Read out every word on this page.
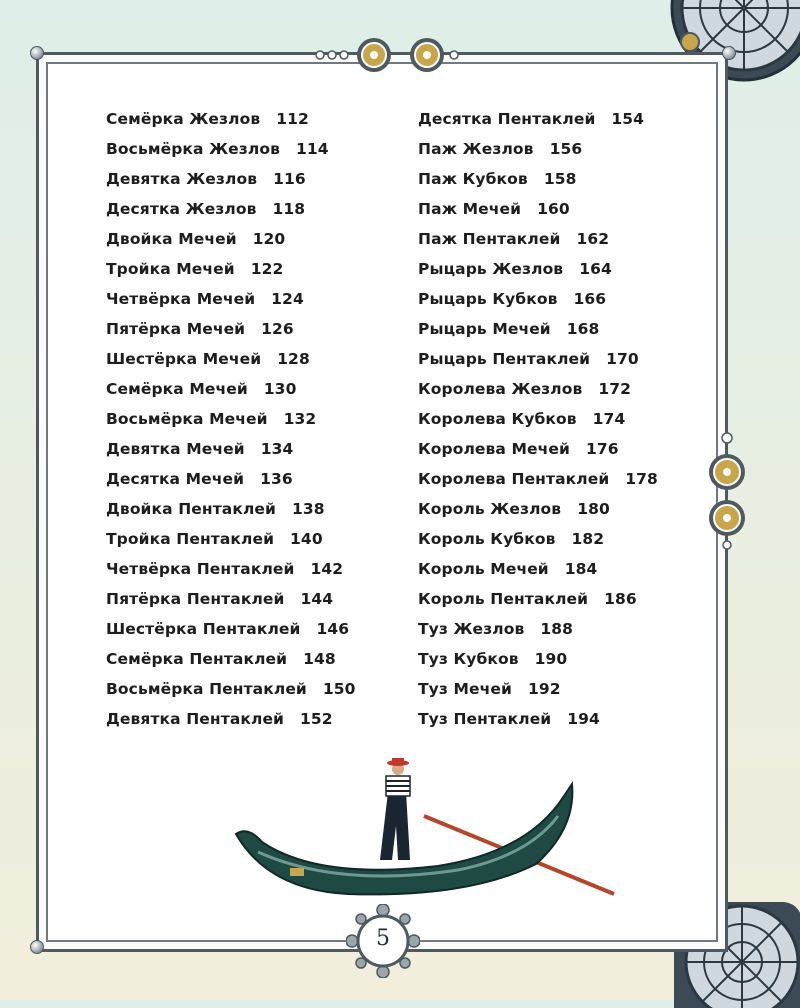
Семёрка Жезлов 112
Восьмёрка Жезлов 114
Девятка Жезлов 116
Десятка Жезлов 118
Двойка Мечей 120
Тройка Мечей 122
Четвёрка Мечей 124
Пятёрка Мечей 126
Шестёрка Мечей 128
Семёрка Мечей 130
Восьмёрка Мечей 132
Девятка Мечей 134
Десятка Мечей 136
Двойка Пентаклей 138
Тройка Пентаклей 140
Четвёрка Пентаклей 142
Пятёрка Пентаклей 144
Шестёрка Пентаклей 146
Семёрка Пентаклей 148
Восьмёрка Пентаклей 150
Девятка Пентаклей 152
Десятка Пентаклей 154
Паж Жезлов 156
Паж Кубков 158
Паж Мечей 160
Паж Пентаклей 162
Рыцарь Жезлов 164
Рыцарь Кубков 166
Рыцарь Мечей 168
Рыцарь Пентаклей 170
Королева Жезлов 172
Королева Кубков 174
Королева Мечей 176
Королева Пентаклей 178
Король Жезлов 180
Король Кубков 182
Король Мечей 184
Король Пентаклей 186
Туз Жезлов 188
Туз Кубков 190
Туз Мечей 192
Туз Пентаклей 194
5
